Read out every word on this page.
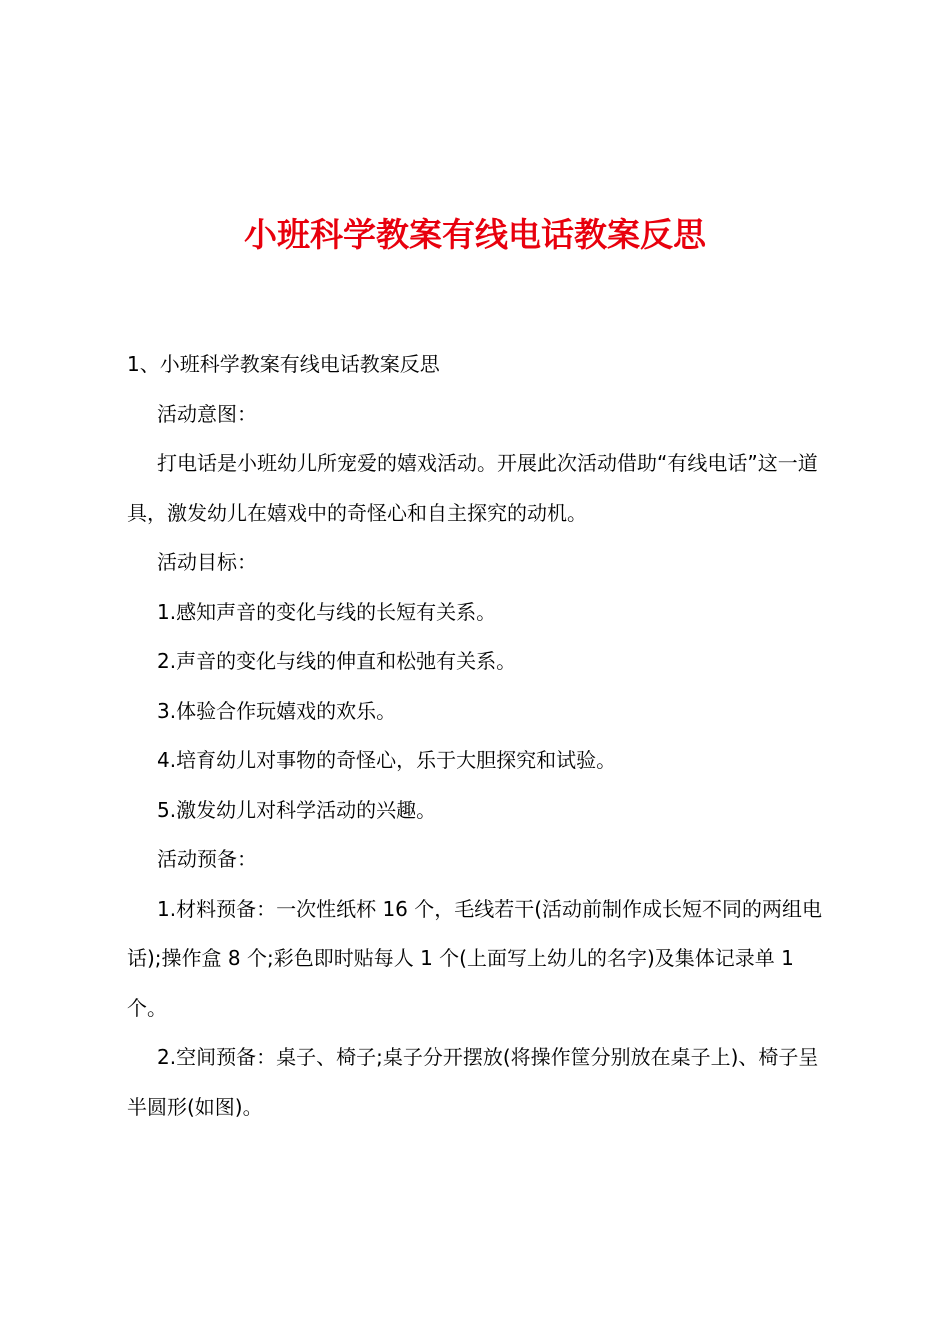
小班科学教案有线电话教案反思

1、小班科学教案有线电话教案反思

活动意图：

打电话是小班幼儿所宠爱的嬉戏活动。开展此次活动借助“有线电话”这一道具，激发幼儿在嬉戏中的奇怪心和自主探究的动机。

活动目标：

1.感知声音的变化与线的长短有关系。

2.声音的变化与线的伸直和松弛有关系。

3.体验合作玩嬉戏的欢乐。

4.培育幼儿对事物的奇怪心，乐于大胆探究和试验。

5.激发幼儿对科学活动的兴趣。

活动预备：

1.材料预备：一次性纸杯 16 个，毛线若干(活动前制作成长短不同的两组电话);操作盒 8 个;彩色即时贴每人 1 个(上面写上幼儿的名字)及集体记录单 1 个。

2.空间预备：桌子、椅子;桌子分开摆放(将操作筐分别放在桌子上)、椅子呈半圆形(如图)。
